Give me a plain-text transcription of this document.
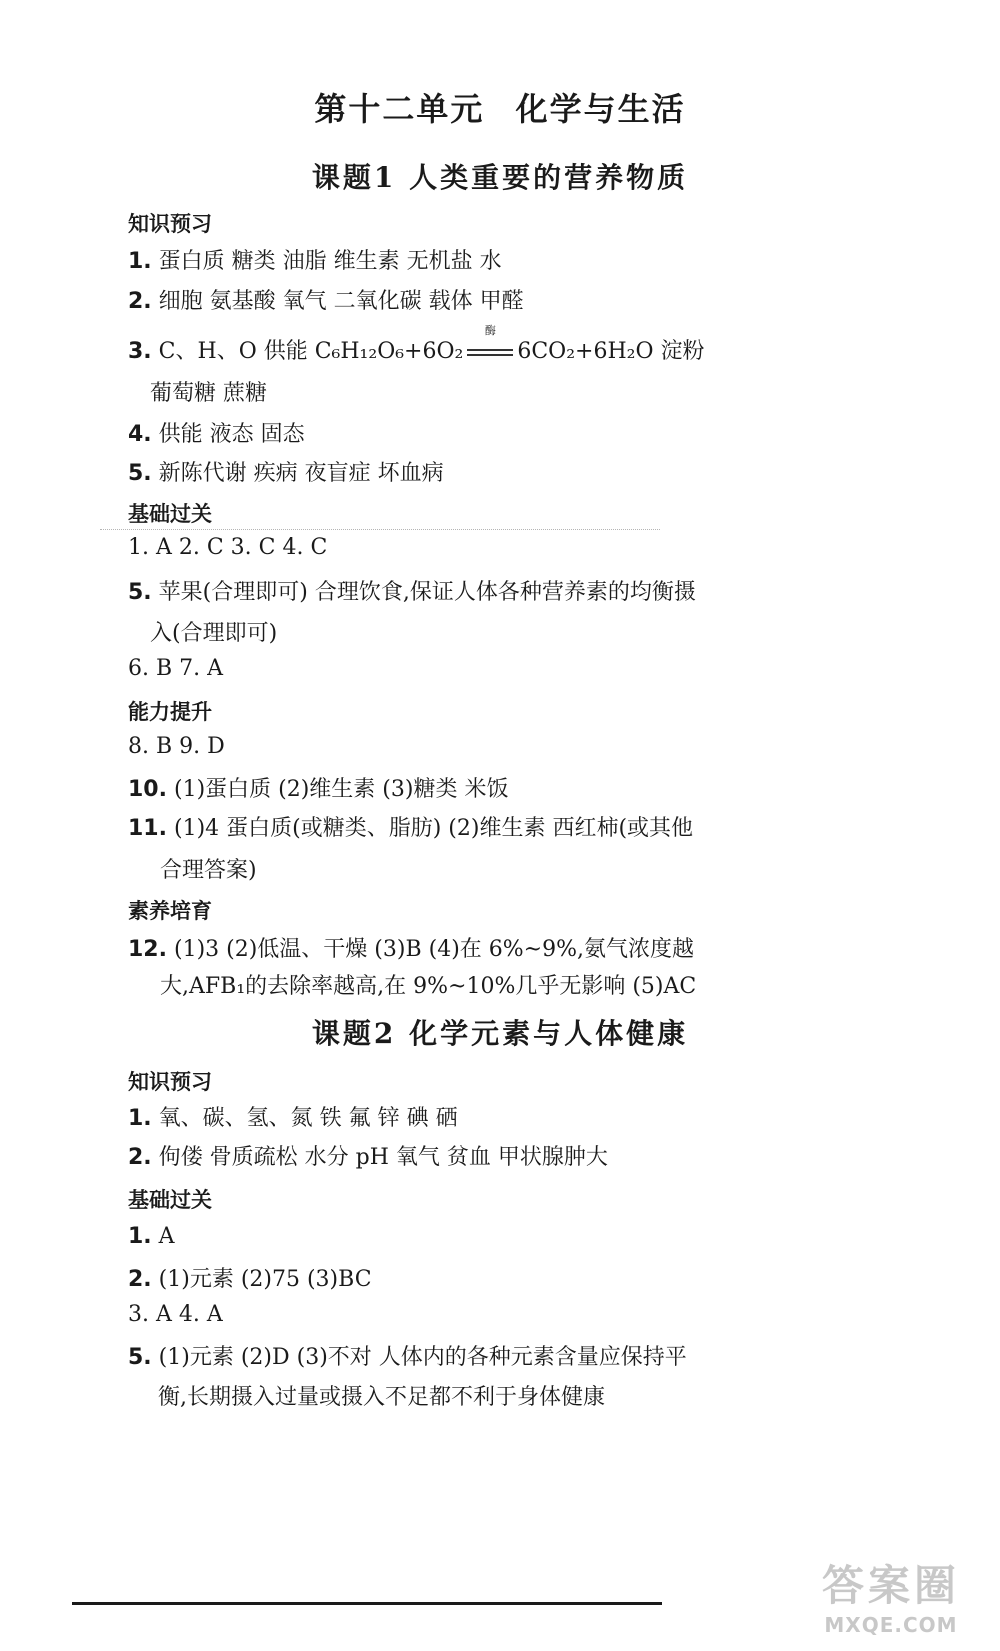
第十二单元 化学与生活
课题1 人类重要的营养物质
知识预习
1. 蛋白质 糖类 油脂 维生素 无机盐 水
2. 细胞 氨基酸 氧气 二氧化碳 载体 甲醛
3. C、H、O 供能 C₆H₁₂O₆+6O₂
酶
6CO₂+6H₂O 淀粉
葡萄糖 蔗糖
4. 供能 液态 固态
5. 新陈代谢 疾病 夜盲症 坏血病
基础过关
1. A 2. C 3. C 4. C
5. 苹果(合理即可) 合理饮食,保证人体各种营养素的均衡摄
入(合理即可)
6. B 7. A
能力提升
8. B 9. D
10. (1)蛋白质 (2)维生素 (3)糖类 米饭
11. (1)4 蛋白质(或糖类、脂肪) (2)维生素 西红柿(或其他
合理答案)
素养培育
12. (1)3 (2)低温、干燥 (3)B (4)在 6%~9%,氨气浓度越
大,AFB₁的去除率越高,在 9%~10%几乎无影响 (5)AC
课题2 化学元素与人体健康
知识预习
1. 氧、碳、氢、氮 铁 氟 锌 碘 硒
2. 佝偻 骨质疏松 水分 pH 氧气 贫血 甲状腺肿大
基础过关
1. A
2. (1)元素 (2)75 (3)BC
3. A 4. A
5. (1)元素 (2)D (3)不对 人体内的各种元素含量应保持平
衡,长期摄入过量或摄入不足都不利于身体健康
答案圈
MXQE.COM
